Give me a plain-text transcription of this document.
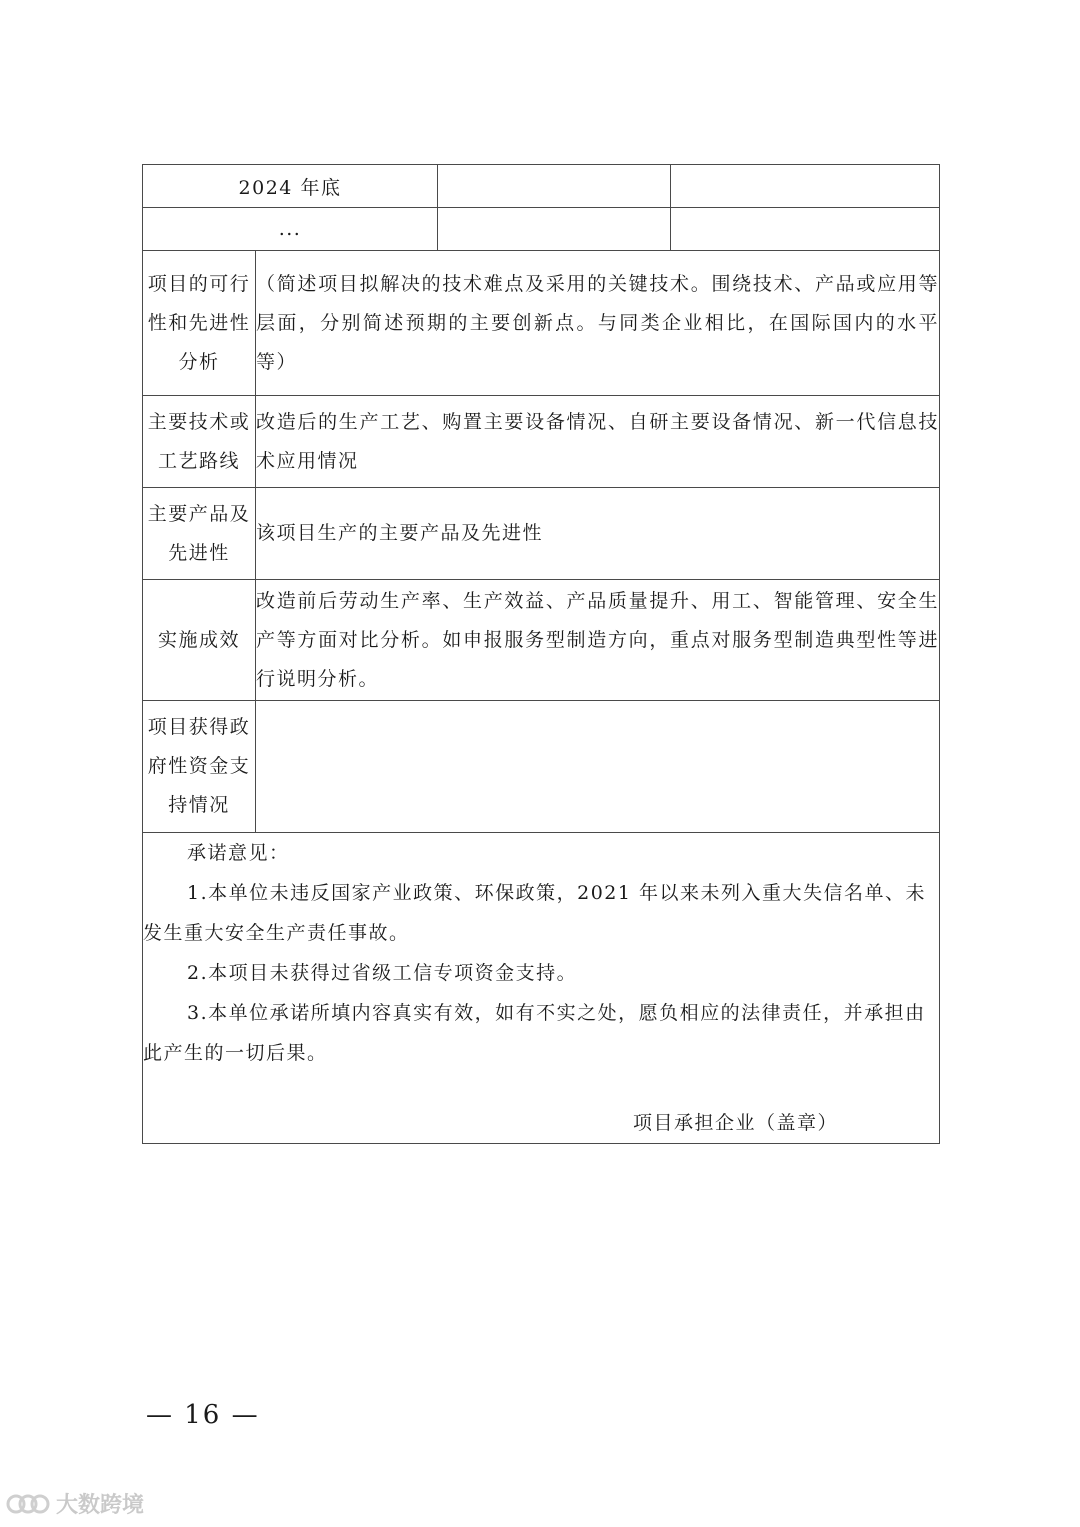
2024 年底			
...			
项目的可行性和先进性分析	（简述项目拟解决的技术难点及采用的关键技术。围绕技术、产品或应用等层面，分别简述预期的主要创新点。与同类企业相比，在国际国内的水平等）		
主要技术或工艺路线	改造后的生产工艺、购置主要设备情况、自研主要设备情况、新一代信息技术应用情况		
主要产品及先进性	该项目生产的主要产品及先进性		
实施成效	改造前后劳动生产率、生产效益、产品质量提升、用工、智能管理、安全生产等方面对比分析。如申报服务型制造方向，重点对服务型制造典型性等进行说明分析。		
项目获得政府性资金支持情况			

承诺意见：

1.本单位未违反国家产业政策、环保政策，2021 年以来未列入重大失信名单、未发生重大安全生产责任事故。

2.本项目未获得过省级工信专项资金支持。

3.本单位承诺所填内容真实有效，如有不实之处，愿负相应的法律责任，并承担由此产生的一切后果。

项目承担企业（盖章）			

— 16 —
大数跨境
